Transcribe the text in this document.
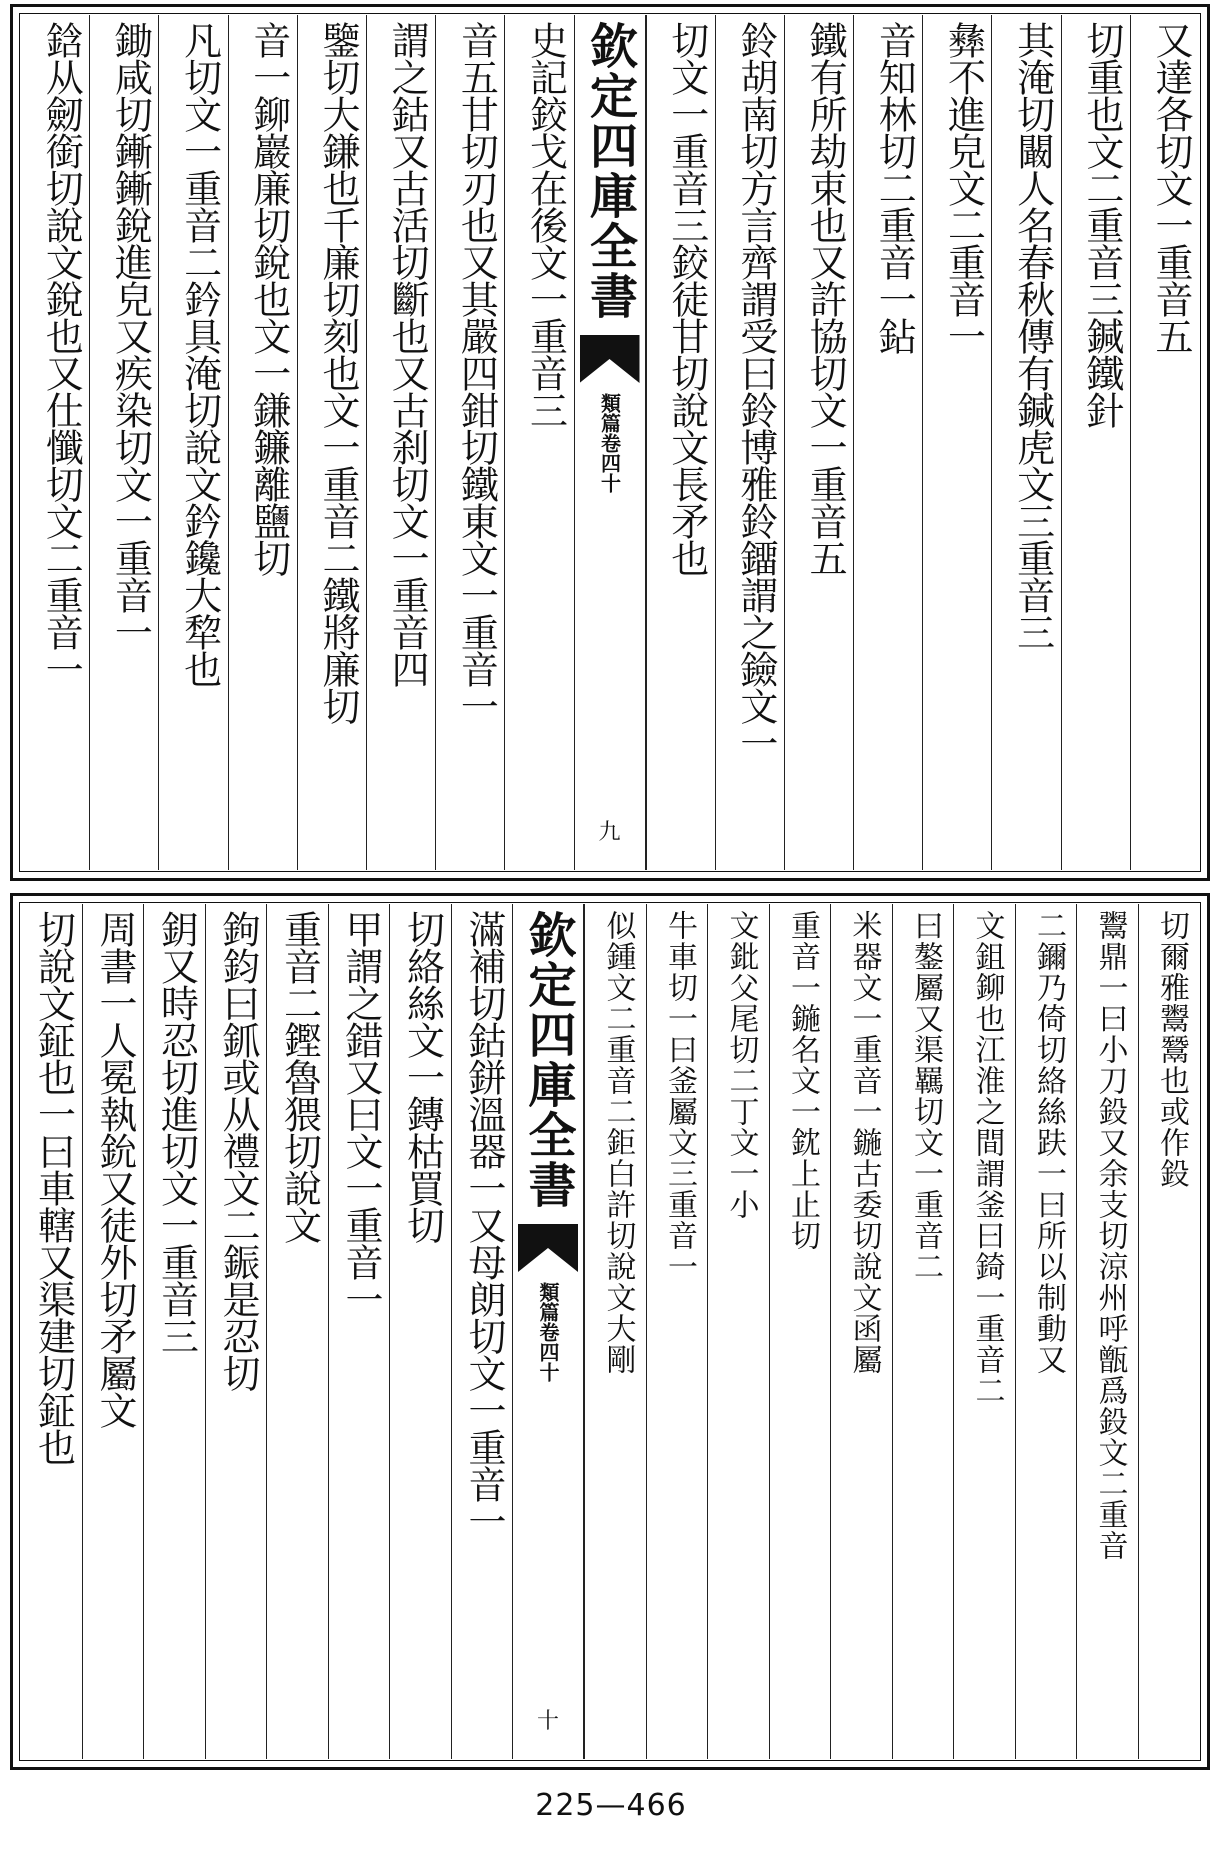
又達各切文一重音五
切重也文二重音三鍼鐵針
其淹切闞人名春秋傳有鍼虎文三重音三
彝不進皃文二重音一
音知林切二重音一鉆
鐵有所劫束也又許協切文一重音五
鈴胡南切方言齊謂受曰鈴博雅鈴鐂謂之鐱文一
切文一重音三鉸徒甘切說文長矛也
欽定四庫全書
類篇卷四十
九
史記鉸戈在後文一重音三
音五甘切刃也又其嚴四鉗切鐵東文一重音一
謂之鈷又古活切斷也又古刹切文一重音四
鑒切大鎌也千廉切刻也文一重音二鐵將廉切
音一鉚巖廉切銳也文一鎌鐮離鹽切
凡切文一重音二鈐具淹切說文鈐鑱大犂也
鋤咸切鏩鏩銳進皃又疾染切文一重音一
鋡从劒銜切說文銳也又仕懺切文二重音一
切爾雅鬻鬵也或作鈠
鬻鼎一曰小刀鈠又余支切涼州呼甑爲鈠文二重音
二鑈乃倚切絡絲趺一曰所以制動又
文鉏鉚也江淮之間謂釜曰錡一重音二
曰鏊屬又渠羈切文一重音二
米器文一重音一鍦古委切說文函屬
重音一鍦名文一鈂上止切
文鈚父尾切二丁文一小
牛車切一曰釜屬文三重音一
似鍾文二重音二鉅白許切說文大剛
欽定四庫全書
類篇卷四十
十
滿補切鈷鉼溫器一又母朗切文一重音一
切絡絲文一鏄枯買切
甲謂之錯又曰文一重音一
重音二鏗魯猥切說文
鉤鈞曰釽或从禮文二鋠是忍切
鈅又時忍切進切文一重音三
周書一人冕執鈗又徒外切矛屬文
切說文鉦也一曰車轄又渠建切鉦也
225—466
